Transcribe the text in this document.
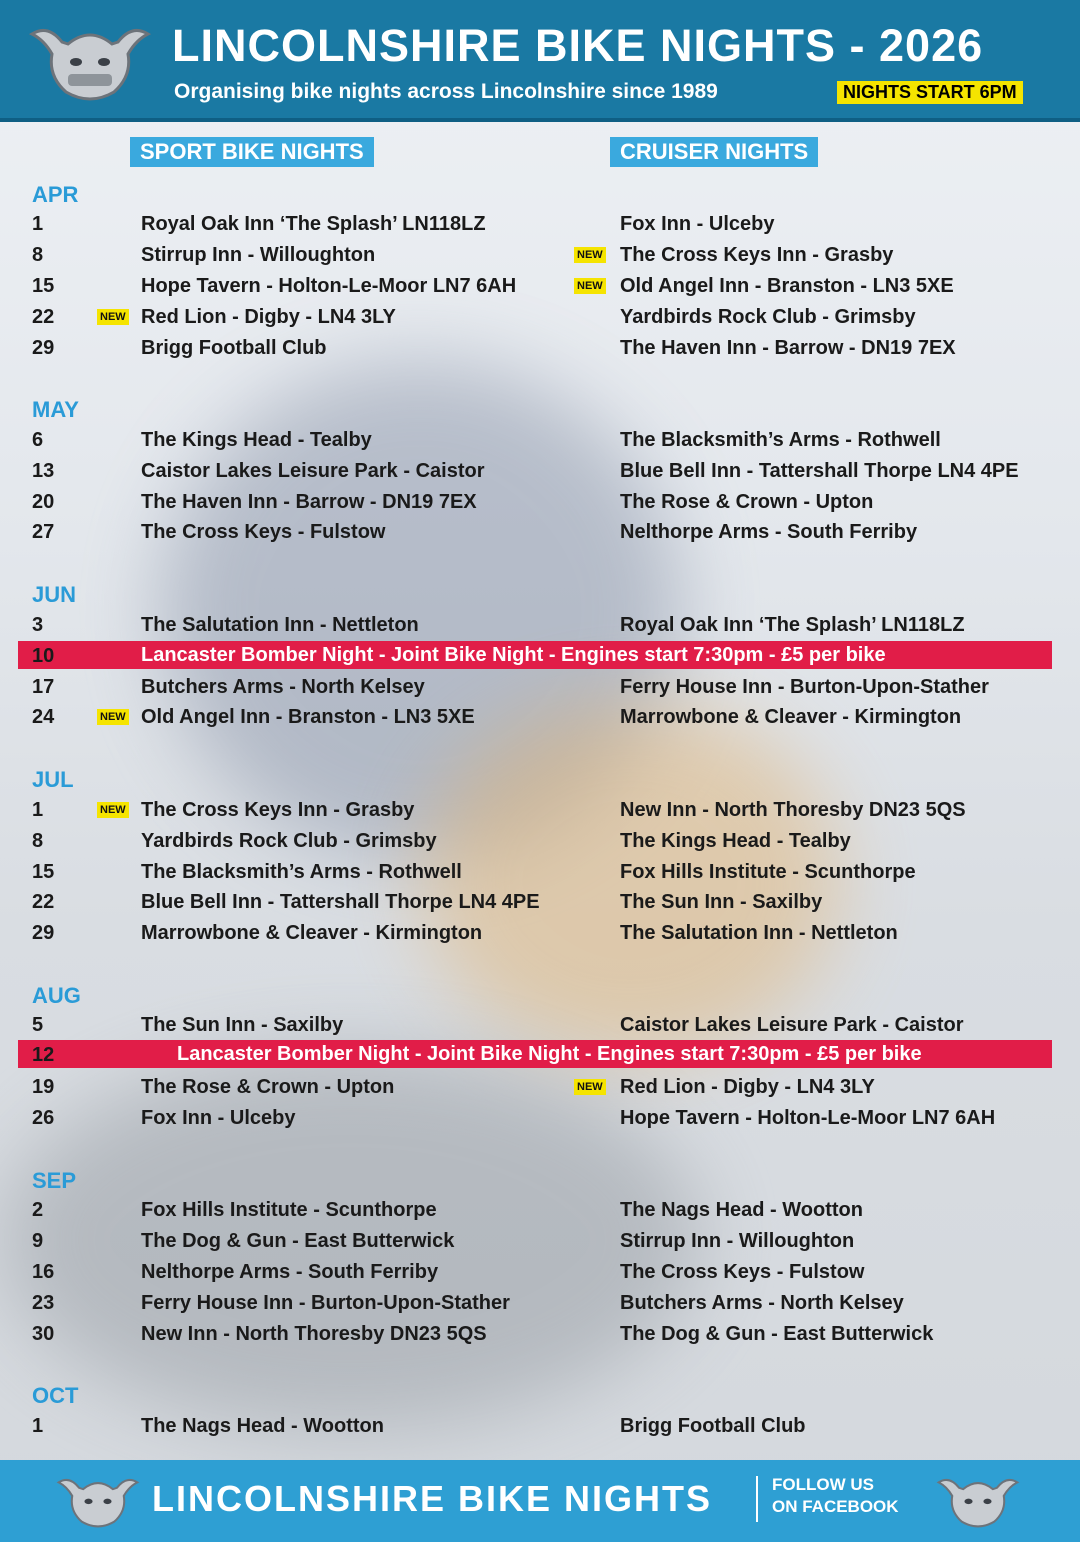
LINCOLNSHIRE BIKE NIGHTS - 2026
Organising bike nights across Lincolnshire since 1989	NIGHTS START 6PM
SPORT BIKE NIGHTS	CRUISER NIGHTS
APR
1	Royal Oak Inn ‘The Splash’ LN118LZ	Fox Inn - Ulceby
8	Stirrup Inn - Willoughton	NEW The Cross Keys Inn - Grasby
15	Hope Tavern - Holton-Le-Moor LN7 6AH	NEW Old Angel Inn - Branston - LN3 5XE
22	NEW Red Lion - Digby - LN4 3LY	Yardbirds Rock Club - Grimsby
29	Brigg Football Club	The Haven Inn - Barrow - DN19 7EX
MAY
6	The Kings Head - Tealby	The Blacksmith’s Arms - Rothwell
13	Caistor Lakes Leisure Park - Caistor	Blue Bell Inn - Tattershall Thorpe LN4 4PE
20	The Haven Inn - Barrow - DN19 7EX	The Rose & Crown - Upton
27	The Cross Keys - Fulstow	Nelthorpe Arms - South Ferriby
JUN
3	The Salutation Inn - Nettleton	Royal Oak Inn ‘The Splash’ LN118LZ
10	Lancaster Bomber Night - Joint Bike Night - Engines start 7:30pm - £5 per bike
17	Butchers Arms - North Kelsey	Ferry House Inn - Burton-Upon-Stather
24	NEW Old Angel Inn - Branston - LN3 5XE	Marrowbone & Cleaver - Kirmington
JUL
1	NEW The Cross Keys Inn - Grasby	New Inn - North Thoresby DN23 5QS
8	Yardbirds Rock Club - Grimsby	The Kings Head - Tealby
15	The Blacksmith’s Arms - Rothwell	Fox Hills Institute - Scunthorpe
22	Blue Bell Inn - Tattershall Thorpe LN4 4PE	The Sun Inn - Saxilby
29	Marrowbone & Cleaver - Kirmington	The Salutation Inn - Nettleton
AUG
5	The Sun Inn - Saxilby	Caistor Lakes Leisure Park - Caistor
12	Lancaster Bomber Night - Joint Bike Night - Engines start 7:30pm - £5 per bike
19	The Rose & Crown - Upton	NEW Red Lion - Digby - LN4 3LY
26	Fox Inn - Ulceby	Hope Tavern - Holton-Le-Moor LN7 6AH
SEP
2	Fox Hills Institute - Scunthorpe	The Nags Head - Wootton
9	The Dog & Gun - East Butterwick	Stirrup Inn - Willoughton
16	Nelthorpe Arms - South Ferriby	The Cross Keys - Fulstow
23	Ferry House Inn - Burton-Upon-Stather	Butchers Arms - North Kelsey
30	New Inn - North Thoresby DN23 5QS	The Dog & Gun - East Butterwick
OCT
1	The Nags Head - Wootton	Brigg Football Club
LINCOLNSHIRE BIKE NIGHTS	FOLLOW US
ON FACEBOOK
